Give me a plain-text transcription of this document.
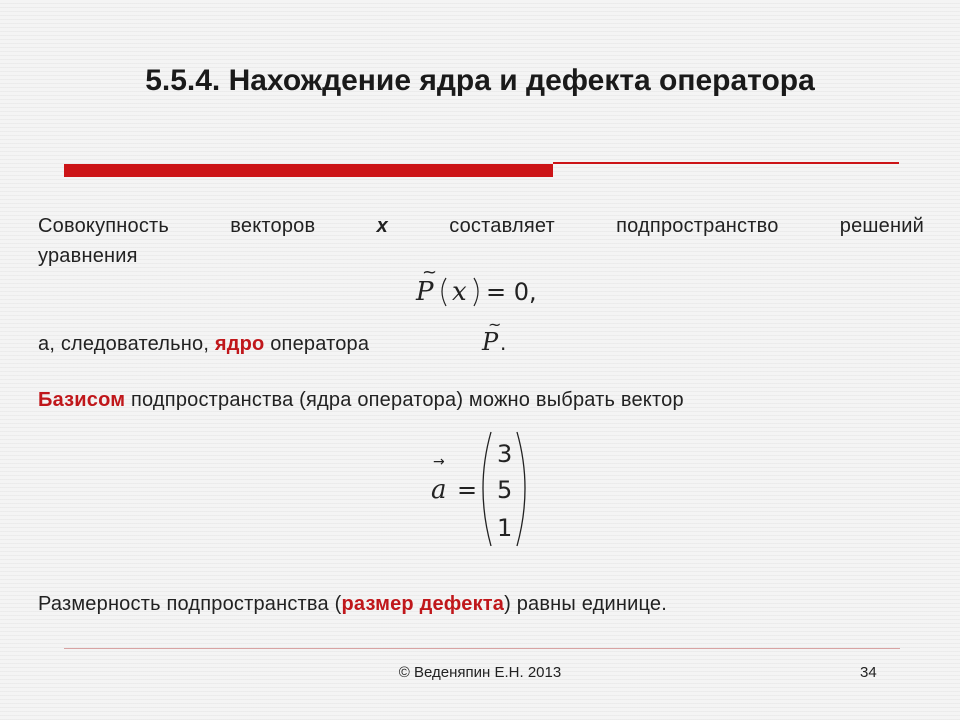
5.5.4. Нахождение ядра и дефекта оператора
Совокупность векторов	x	составляет подпространство решений
уравнения
~
P x = 0,
а, следовательно, ядро оператора
~
P .
Базисом подпространства (ядра оператора) можно выбрать вектор
→
a =
3
5
1
Размерность подпространства (размер дефекта) равны единице.
© Веденяпин Е.Н. 2013	34
